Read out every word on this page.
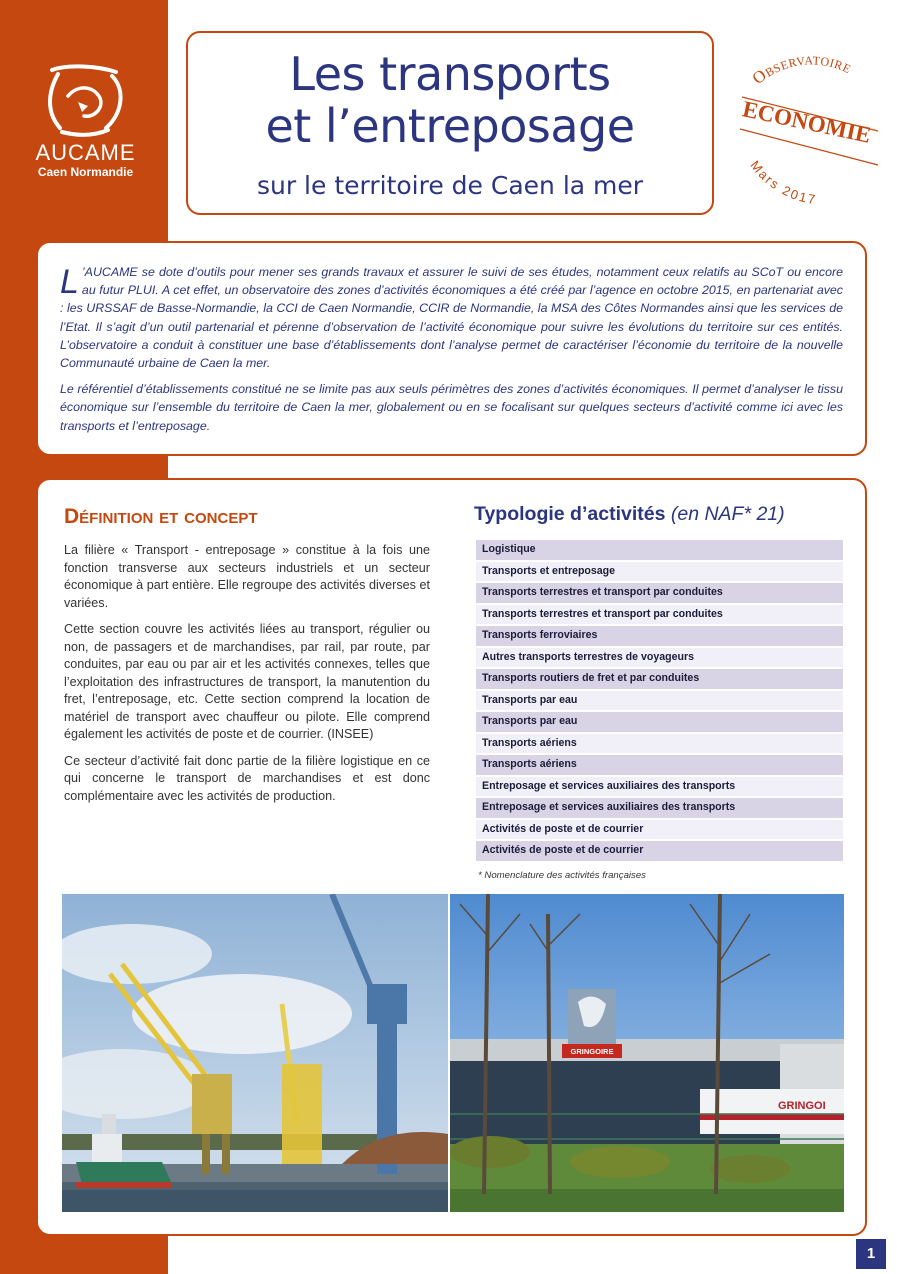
AUCAME
Caen Normandie
Les transports
et l’entreposage
sur le territoire de Caen la mer
Observatoire
ECONOMIE
Mars 2017

L ’AUCAME se dote d’outils pour mener ses grands travaux et assurer le suivi de ses études, notamment ceux relatifs au SCoT ou encore au futur PLUI. A cet effet, un observatoire des zones d’activités économiques a été créé par l’agence en octobre 2015, en partenariat avec : les URSSAF de Basse-Normandie, la CCI de Caen Normandie, CCIR de Normandie, la MSA des Côtes Normandes ainsi que les services de l’Etat. Il s’agit d’un outil partenarial et pérenne d’observation de l’activité économique pour suivre les évolutions du territoire sur ces entités. L’observatoire a conduit à constituer une base d’établissements dont l’analyse permet de caractériser l’économie du territoire de la nouvelle Communauté urbaine de Caen la mer.

Le référentiel d’établissements constitué ne se limite pas aux seuls périmètres des zones d’activités économiques. Il permet d’analyser le tissu économique sur l’ensemble du territoire de Caen la mer, globalement ou en se focalisant sur quelques secteurs d’activité comme ici avec les transports et l’entreposage.

Définition et concept

La filière « Transport - entreposage » constitue à la fois une fonction transverse aux secteurs industriels et un secteur économique à part entière. Elle regroupe des activités diverses et variées.

Cette section couvre les activités liées au transport, régulier ou non, de passagers et de marchandises, par rail, par route, par conduites, par eau ou par air et les activités connexes, telles que l’exploitation des infrastructures de transport, la manutention du fret, l’entreposage, etc. Cette section comprend la location de matériel de transport avec chauffeur ou pilote. Elle comprend également les activités de poste et de courrier. (INSEE)

Ce secteur d’activité fait donc partie de la filière logistique en ce qui concerne le transport de marchandises et est donc complémentaire avec les activités de production.

Typologie d’activités (en NAF* 21)
Logistique
Transports et entreposage
Transports terrestres et transport par conduites
Transports terrestres et transport par conduites
Transports ferroviaires
Autres transports terrestres de voyageurs
Transports routiers de fret et par conduites
Transports par eau
Transports par eau
Transports aériens
Transports aériens
Entreposage et services auxiliaires des transports
Entreposage et services auxiliaires des transports
Activités de poste et de courrier
Activités de poste et de courrier
* Nomenclature des activités françaises
GRINGOIRE
GRINGOI
1
